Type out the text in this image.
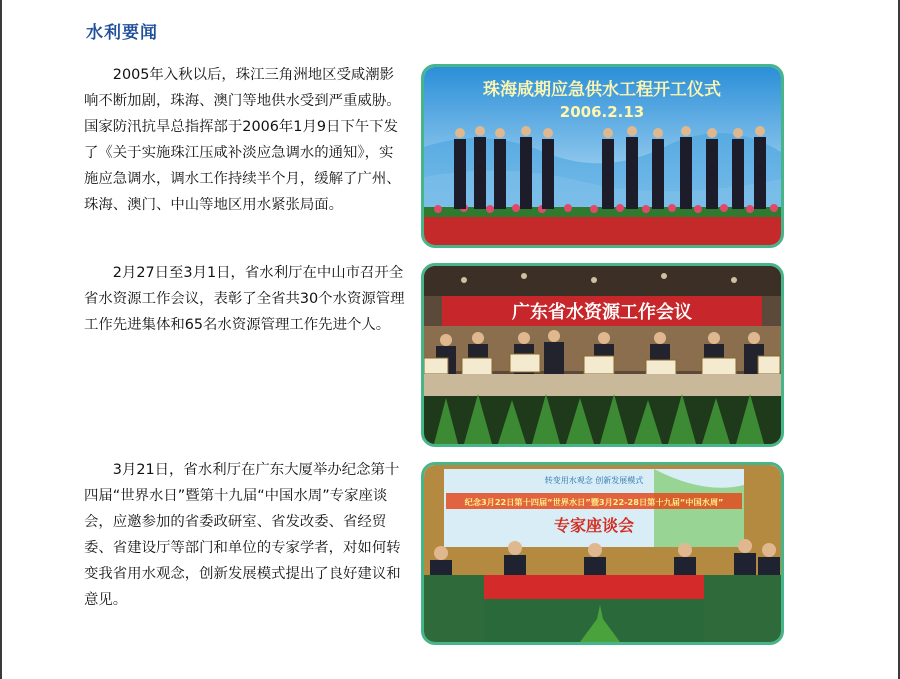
水利要闻

2005年入秋以后，珠江三角洲地区受咸潮影响不断加剧，珠海、澳门等地供水受到严重威胁。国家防汛抗旱总指挥部于2006年1月9日下午下发了《关于实施珠江压咸补淡应急调水的通知》，实施应急调水，调水工作持续半个月，缓解了广州、珠海、澳门、中山等地区用水紧张局面。

2月27日至3月1日，省水利厅在中山市召开全省水资源工作会议，表彰了全省共30个水资源管理工作先进集体和65名水资源管理工作先进个人。

3月21日，省水利厅在广东大厦举办纪念第十四届“世界水日”暨第十九届“中国水周”专家座谈会，应邀参加的省委政研室、省发改委、省经贸委、省建设厅等部门和单位的专家学者，对如何转变我省用水观念，创新发展模式提出了良好建议和意见。

珠海咸期应急供水工程开工仪式
2006.2.13
广东省水资源工作会议
转变用水观念 创新发展模式
纪念3月22日第十四届“世界水日”暨3月22-28日第十九届“中国水周”
专家座谈会
